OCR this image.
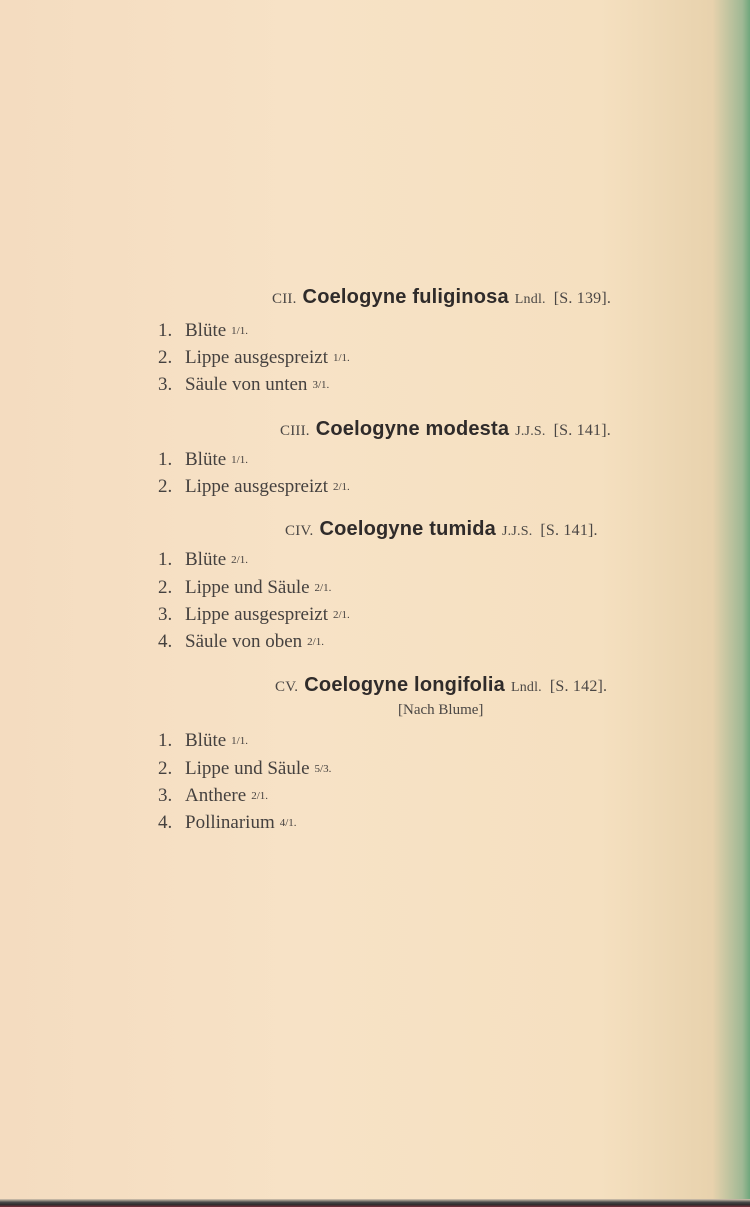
CII. Coelogyne fuliginosa Lndl. [S. 139].
1. Blüte 1/1.
2. Lippe ausgespreizt 1/1.
3. Säule von unten 3/1.
CIII. Coelogyne modesta J.J.S. [S. 141].
1. Blüte 1/1.
2. Lippe ausgespreizt 2/1.
CIV. Coelogyne tumida J.J.S. [S. 141].
1. Blüte 2/1.
2. Lippe und Säule 2/1.
3. Lippe ausgespreizt 2/1.
4. Säule von oben 2/1.
CV. Coelogyne longifolia Lndl. [S. 142].
[Nach Blume]
1. Blüte 1/1.
2. Lippe und Säule 5/3.
3. Anthere 2/1.
4. Pollinarium 4/1.
